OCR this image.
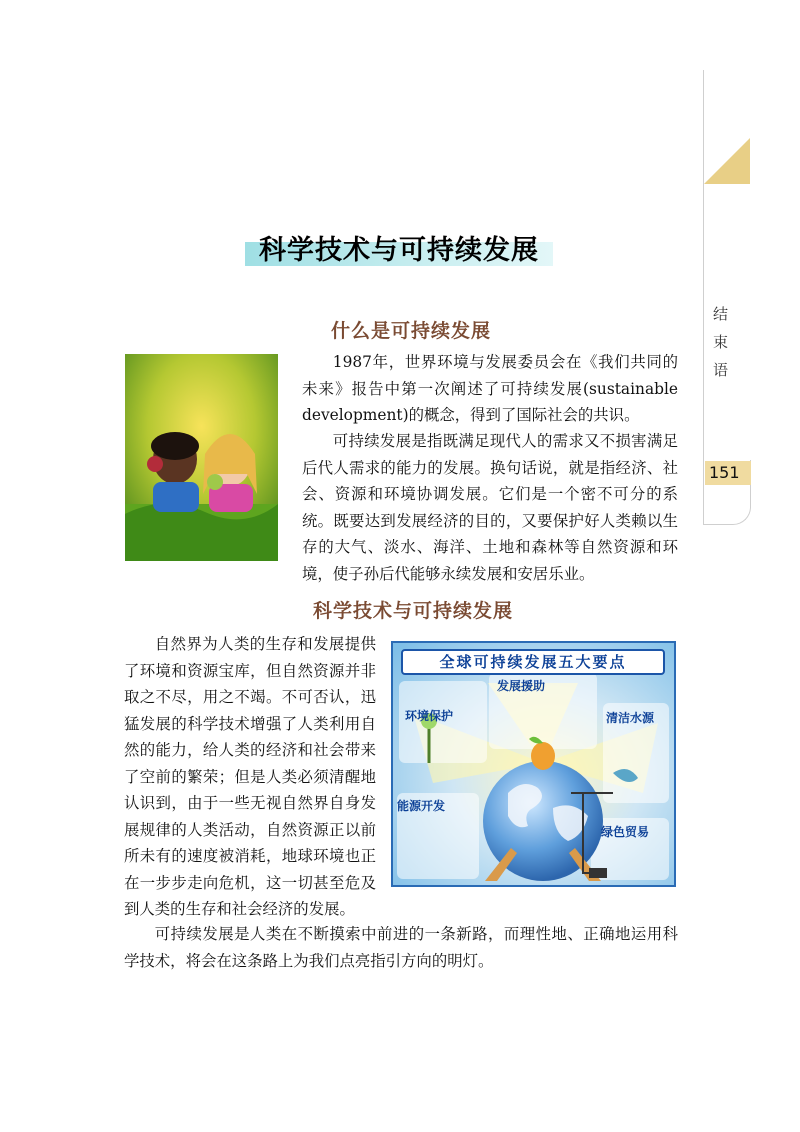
结束语
151
科学技术与可持续发展
什么是可持续发展
1987年，世界环境与发展委员会在《我们共同的未来》报告中第一次阐述了可持续发展(sustainable development)的概念，得到了国际社会的共识。
可持续发展是指既满足现代人的需求又不损害满足后代人需求的能力的发展。换句话说，就是指经济、社会、资源和环境协调发展。它们是一个密不可分的系统。既要达到发展经济的目的，又要保护好人类赖以生存的大气、淡水、海洋、土地和森林等自然资源和环境，使子孙后代能够永续发展和安居乐业。
科学技术与可持续发展
自然界为人类的生存和发展提供了环境和资源宝库，但自然资源并非取之不尽，用之不竭。不可否认，迅猛发展的科学技术增强了人类利用自然的能力，给人类的经济和社会带来了空前的繁荣；但是人类必须清醒地认识到，由于一些无视自然界自身发展规律的人类活动，自然资源正以前所未有的速度被消耗，地球环境也正在一步步走向危机，这一切甚至危及到人类的生存和社会经济的发展。
全球可持续发展五大要点
发展援助
环境保护	清洁水源
能源开发
绿色贸易
可持续发展是人类在不断摸索中前进的一条新路，而理性地、正确地运用科学技术，将会在这条路上为我们点亮指引方向的明灯。
